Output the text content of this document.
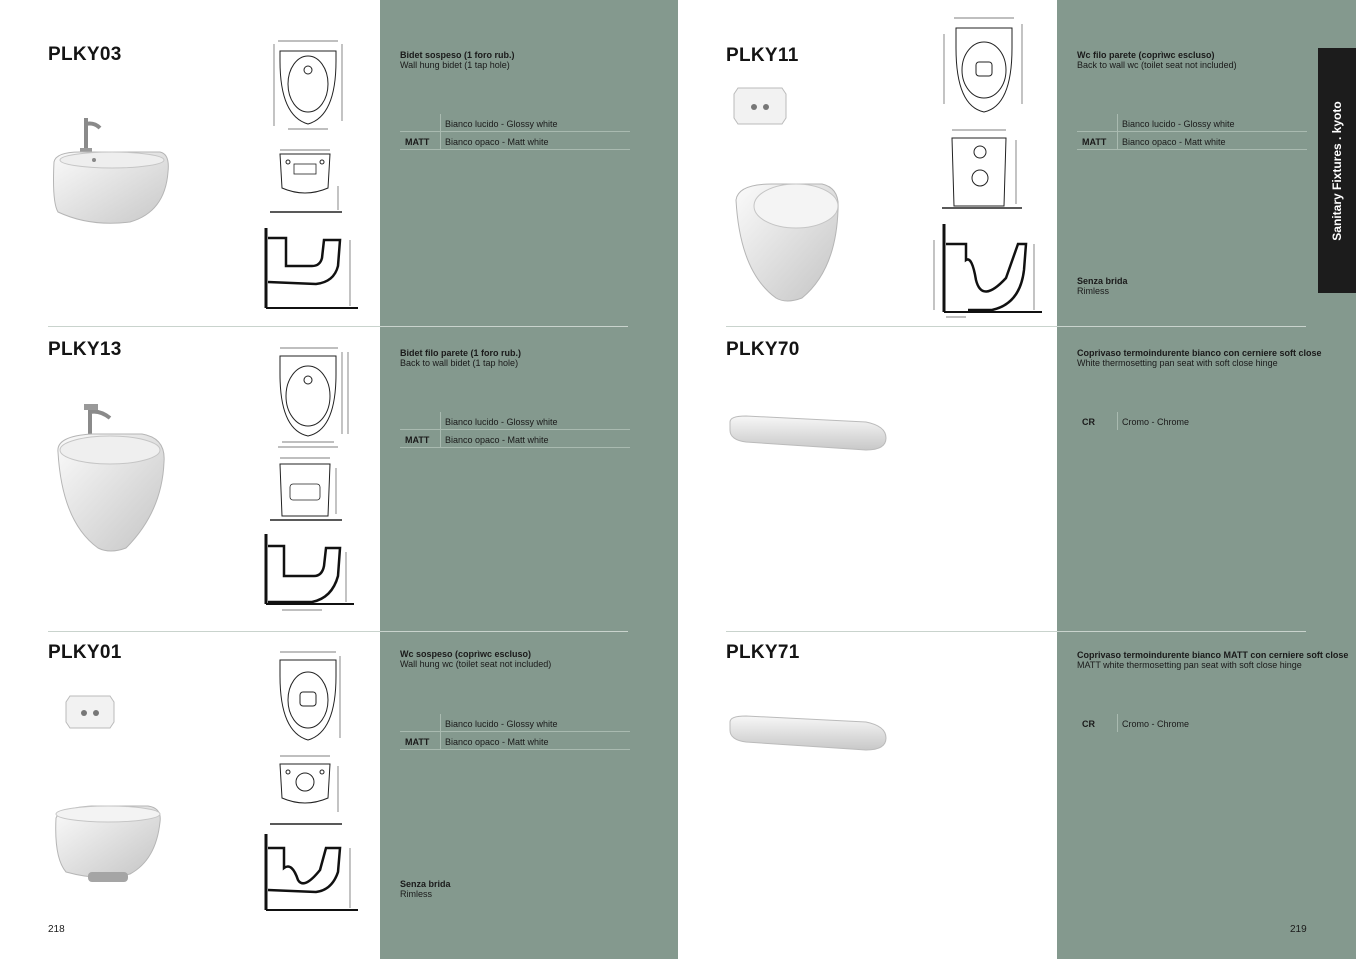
PLKY03	Bidet sospeso (1 foro rub.)
Wall hung bidet (1 tap hole)
Bianco lucido - Glossy white
MATT Bianco opaco - Matt white
PLKY13	Bidet filo parete (1 foro rub.)
Back to wall bidet (1 tap hole)
Bianco lucido - Glossy white
MATT Bianco opaco - Matt white
PLKY01	Wc sospeso (coprìwc escluso)
Wall hung wc (toilet seat not included)
Bianco lucido - Glossy white
MATT Bianco opaco - Matt white
Senza brida
Rimless
PLKY11	Wc filo parete (coprìwc escluso)
Back to wall wc (toilet seat not included)
Bianco lucido - Glossy white
MATT Bianco opaco - Matt white
Senza brida
Rimless
PLKY70	Coprivaso termoindurente bianco con cerniere soft close
White thermosetting pan seat with soft close hinge
CR	Cromo - Chrome
PLKY71	Coprivaso termoindurente bianco MATT con cerniere soft close
MATT white thermosetting pan seat with soft close hinge
CR	Cromo - Chrome
Sanitary Fixtures . kyoto
218	219
